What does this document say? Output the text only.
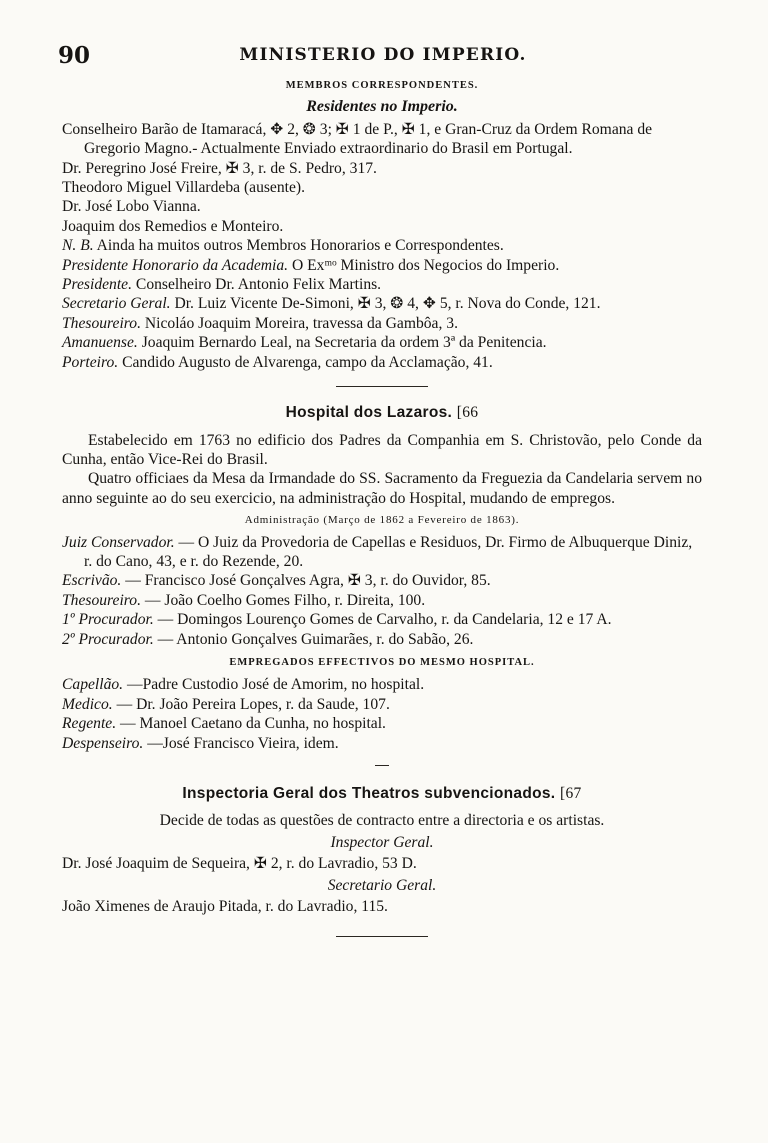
90	MINISTERIO DO IMPERIO.
MEMBROS CORRESPONDENTES.
Residentes no Imperio.

Conselheiro Barão de Itamaracá, ✥ 2, ❂ 3; ✠ 1 de P., ✠ 1, e Gran-Cruz da Ordem Romana de Gregorio Magno.- Actualmente Enviado extraordinario do Brasil em Portugal.

Dr. Peregrino José Freire, ✠ 3, r. de S. Pedro, 317.

Theodoro Miguel Villardeba (ausente).

Dr. José Lobo Vianna.

Joaquim dos Remedios e Monteiro.

N. B. Ainda ha muitos outros Membros Honorarios e Correspondentes.

Presidente Honorario da Academia. O Exᵐᵒ Ministro dos Negocios do Imperio.

Presidente. Conselheiro Dr. Antonio Felix Martins.

Secretario Geral. Dr. Luiz Vicente De-Simoni, ✠ 3, ❂ 4, ✥ 5, r. Nova do Conde, 121.

Thesoureiro. Nicoláo Joaquim Moreira, travessa da Gambôa, 3.

Amanuense. Joaquim Bernardo Leal, na Secretaria da ordem 3ª da Penitencia.

Porteiro. Candido Augusto de Alvarenga, campo da Acclamação, 41.

Hospital dos Lazaros. [66

Estabelecido em 1763 no edificio dos Padres da Companhia em S. Christovão, pelo Conde da Cunha, então Vice-Rei do Brasil.

Quatro officiaes da Mesa da Irmandade do SS. Sacramento da Freguezia da Candelaria servem no anno seguinte ao do seu exercicio, na administração do Hospital, mudando de empregos.

Administração (Março de 1862 a Fevereiro de 1863).

Juiz Conservador. — O Juiz da Provedoria de Capellas e Residuos, Dr. Firmo de Albuquerque Diniz, r. do Cano, 43, e r. do Rezende, 20.

Escrivão. — Francisco José Gonçalves Agra, ✠ 3, r. do Ouvidor, 85.

Thesoureiro. — João Coelho Gomes Filho, r. Direita, 100.

1º Procurador. — Domingos Lourenço Gomes de Carvalho, r. da Candelaria, 12 e 17 A.

2º Procurador. — Antonio Gonçalves Guimarães, r. do Sabão, 26.

EMPREGADOS EFFECTIVOS DO MESMO HOSPITAL.

Capellão. —Padre Custodio José de Amorim, no hospital.

Medico. — Dr. João Pereira Lopes, r. da Saude, 107.

Regente. — Manoel Caetano da Cunha, no hospital.

Despenseiro. —José Francisco Vieira, idem.

Inspectoria Geral dos Theatros subvencionados. [67

Decide de todas as questões de contracto entre a directoria e os artistas.

Inspector Geral.

Dr. José Joaquim de Sequeira, ✠ 2, r. do Lavradio, 53 D.

Secretario Geral.

João Ximenes de Araujo Pitada, r. do Lavradio, 115.
